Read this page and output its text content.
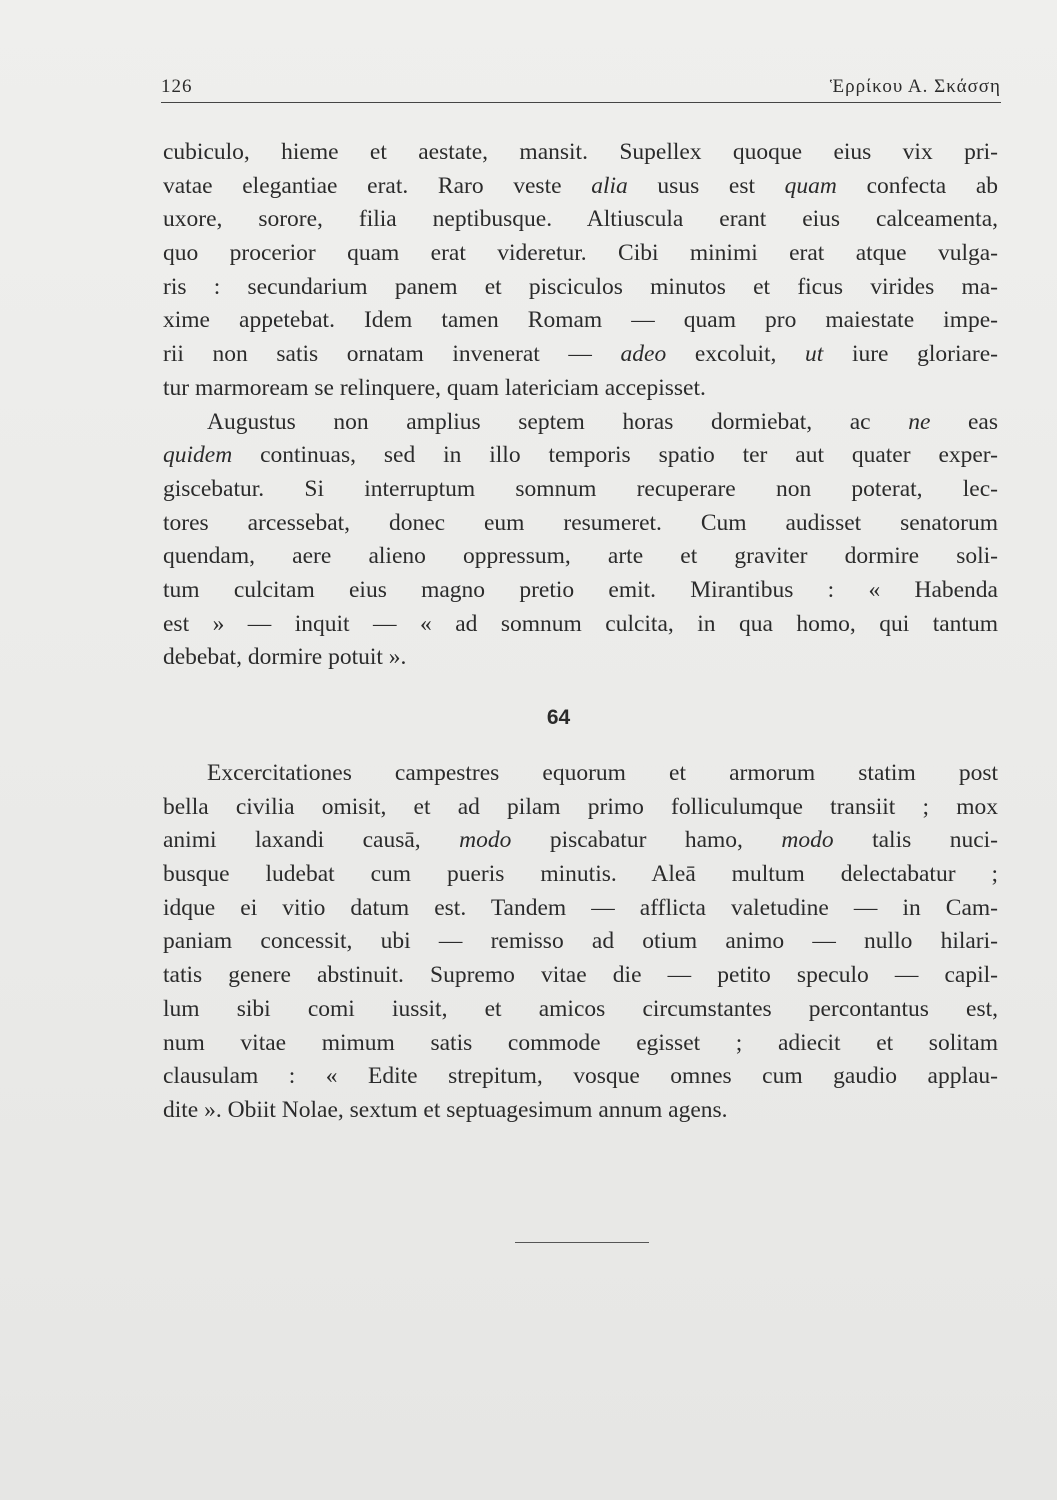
126	Ἑρρίκου Α. Σκάσση
cubiculo, hieme et aestate, mansit. Supellex quoque eius vix pri-
vatae elegantiae erat. Raro veste alia usus est quam confecta ab
uxore, sorore, filia neptibusque. Altiuscula erant eius calceamenta,
quo procerior quam erat videretur. Cibi minimi erat atque vulga-
ris : secundarium panem et pisciculos minutos et ficus virides ma-
xime appetebat. Idem tamen Romam — quam pro maiestate impe-
rii non satis ornatam invenerat — adeo excoluit, ut iure gloriare-
tur marmoream se relinquere, quam latericiam accepisset.
Augustus non amplius septem horas dormiebat, ac ne eas
quidem continuas, sed in illo temporis spatio ter aut quater exper-
giscebatur. Si interruptum somnum recuperare non poterat, lec-
tores arcessebat, donec eum resumeret. Cum audisset senatorum
quendam, aere alieno oppressum, arte et graviter dormire soli-
tum culcitam eius magno pretio emit. Mirantibus : « Habenda
est » — inquit — « ad somnum culcita, in qua homo, qui tantum
debebat, dormire potuit ».
64
Excercitationes campestres equorum et armorum statim post
bella civilia omisit, et ad pilam primo folliculumque transiit ; mox
animi laxandi causā, modo piscabatur hamo, modo talis nuci-
busque ludebat cum pueris minutis. Aleā multum delectabatur ;
idque ei vitio datum est. Tandem — afflicta valetudine — in Cam-
paniam concessit, ubi — remisso ad otium animo — nullo hilari-
tatis genere abstinuit. Supremo vitae die — petito speculo — capil-
lum sibi comi iussit, et amicos circumstantes percontantus est,
num vitae mimum satis commode egisset ; adiecit et solitam
clausulam : « Edite strepitum, vosque omnes cum gaudio applau-
dite ». Obiit Nolae, sextum et septuagesimum annum agens.
